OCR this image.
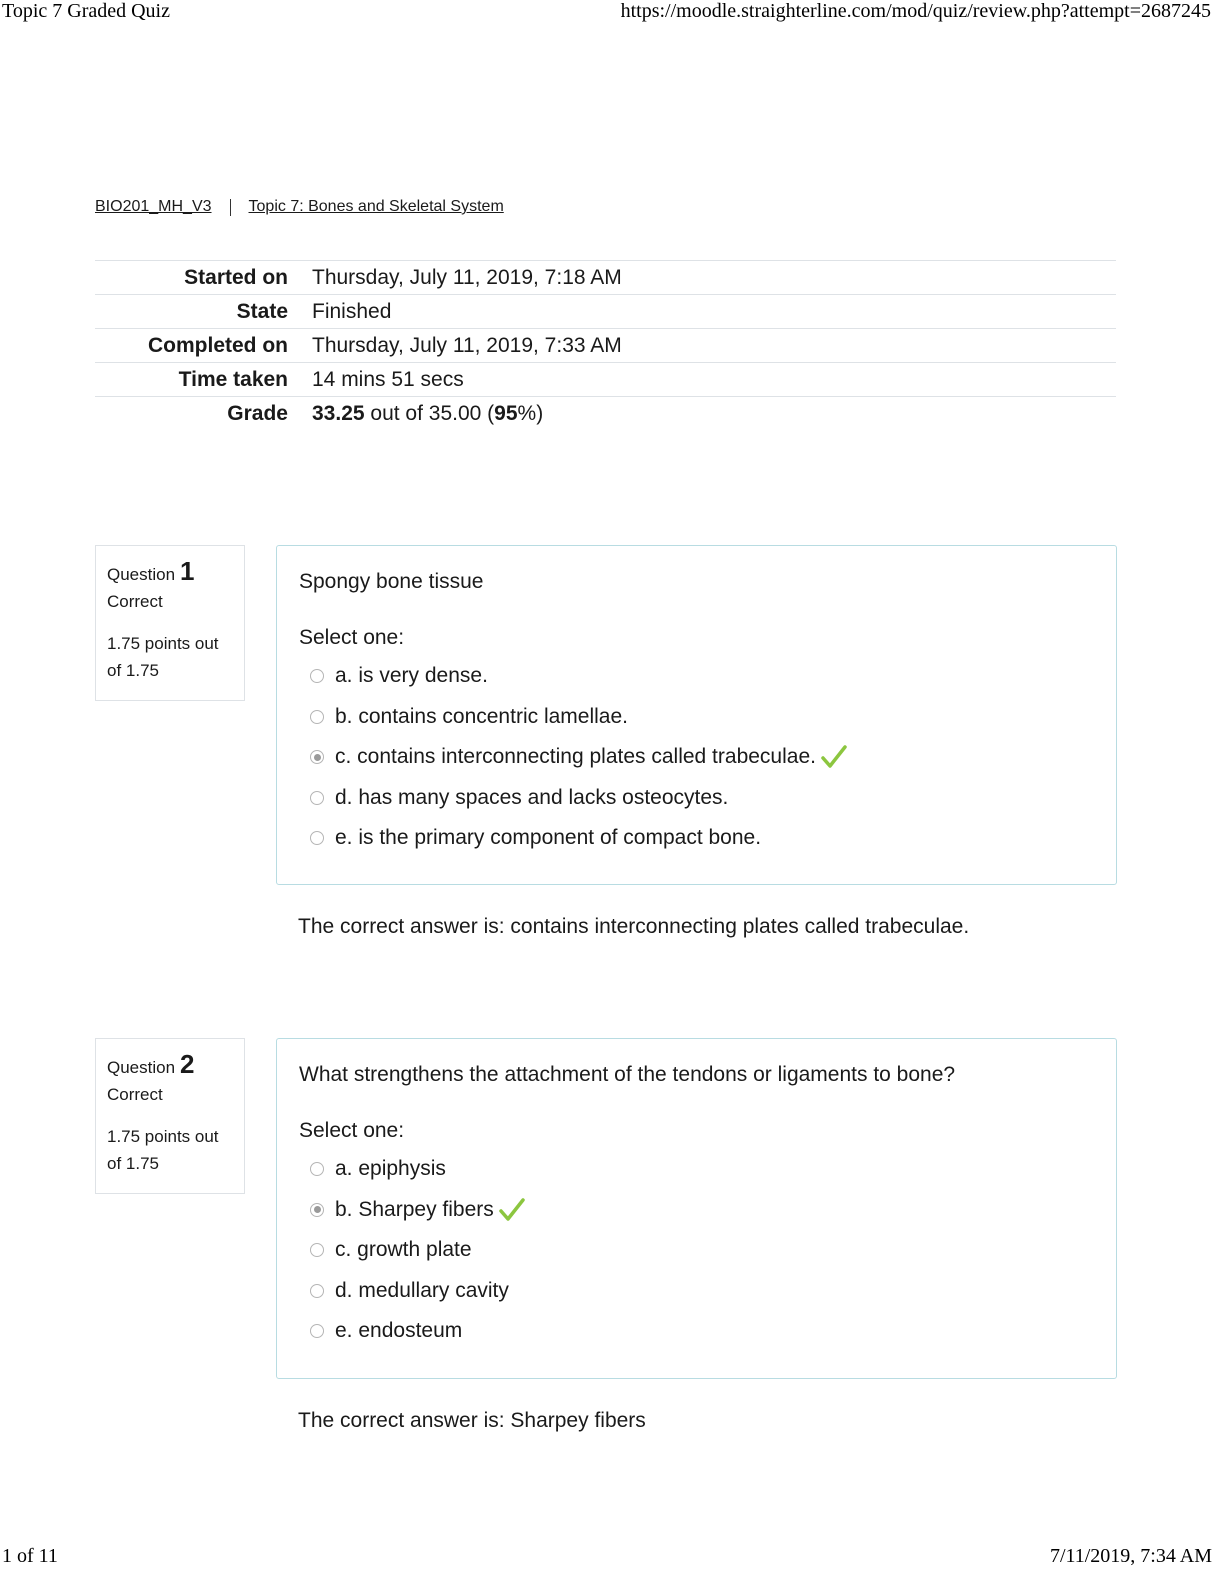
Topic 7 Graded Quiz	https://moodle.straighterline.com/mod/quiz/review.php?attempt=2687245
BIO201_MH_V3 Topic 7: Bones and Skeletal System
Started on	Thursday, July 11, 2019, 7:18 AM
State	Finished
Completed on	Thursday, July 11, 2019, 7:33 AM
Time taken	14 mins 51 secs
Grade	33.25 out of 35.00 (95%)
Question 1
Correct
1.75 points out of 1.75
Spongy bone tissue
Select one:
a. is very dense.
b. contains concentric lamellae.
c. contains interconnecting plates called trabeculae.
d. has many spaces and lacks osteocytes.
e. is the primary component of compact bone.
The correct answer is: contains interconnecting plates called trabeculae.
Question 2
Correct
1.75 points out of 1.75
What strengthens the attachment of the tendons or ligaments to bone?
Select one:
a. epiphysis
b. Sharpey fibers
c. growth plate
d. medullary cavity
e. endosteum
The correct answer is: Sharpey fibers
1 of 11	7/11/2019, 7:34 AM
